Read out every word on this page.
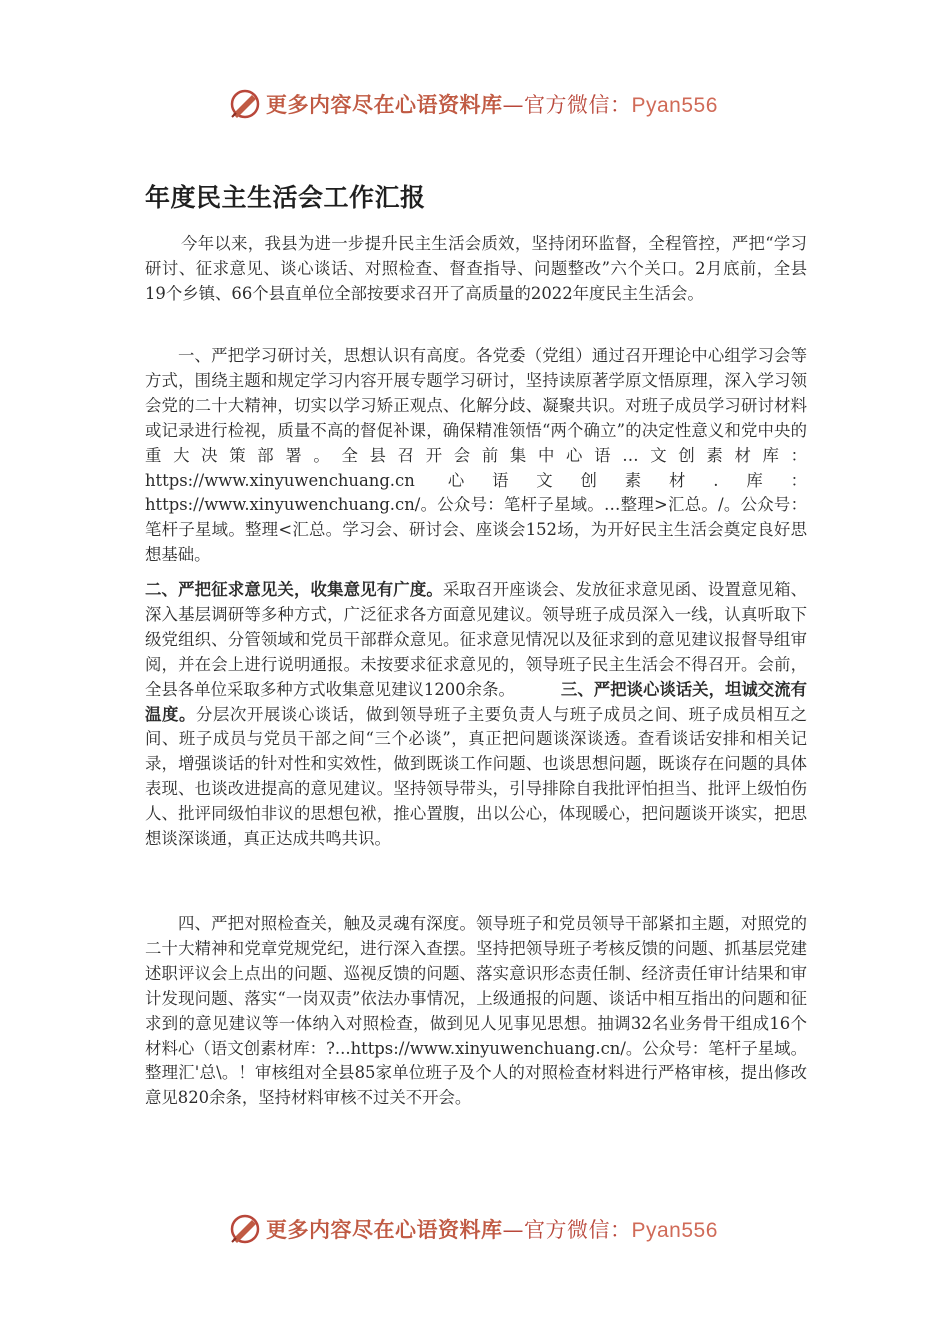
更多内容尽在心语资料库—官方微信：Pyan556
年度民主生活会工作汇报

今年以来，我县为进一步提升民主生活会质效，坚持闭环监督，全程管控，严把“学习研讨、征求意见、谈心谈话、对照检查、督查指导、问题整改”六个关口。2月底前，全县19个乡镇、66个县直单位全部按要求召开了高质量的2022年度民主生活会。

一、严把学习研讨关，思想认识有高度。各党委（党组）通过召开理论中心组学习会等方式，围绕主题和规定学习内容开展专题学习研讨，坚持读原著学原文悟原理，深入学习领会党的二十大精神，切实以学习矫正观点、化解分歧、凝聚共识。对班子成员学习研讨材料或记录进行检视，质量不高的督促补课，确保精准领悟“两个确立”的决定性意义和党中央的重大决策部署。全县召开会前集中心语…文创素材库：https://www.xinyuwenchuang.cn 心语文创素材.库：https://www.xinyuwenchuang.cn/。公众号：笔杆子星域。…整理>汇总。/。公众号：笔杆子星域。整理<汇总。学习会、研讨会、座谈会152场，为开好民主生活会奠定良好思想基础。

二、严把征求意见关，收集意见有广度。采取召开座谈会、发放征求意见函、设置意见箱、深入基层调研等多种方式，广泛征求各方面意见建议。领导班子成员深入一线，认真听取下级党组织、分管领域和党员干部群众意见。征求意见情况以及征求到的意见建议报督导组审阅，并在会上进行说明通报。未按要求征求意见的，领导班子民主生活会不得召开。会前，全县各单位采取多种方式收集意见建议1200余条。	三、严把谈心谈话关，坦诚交流有温度。分层次开展谈心谈话，做到领导班子主要负责人与班子成员之间、班子成员相互之间、班子成员与党员干部之间“三个必谈”，真正把问题谈深谈透。查看谈话安排和相关记录，增强谈话的针对性和实效性，做到既谈工作问题、也谈思想问题，既谈存在问题的具体表现、也谈改进提高的意见建议。坚持领导带头，引导排除自我批评怕担当、批评上级怕伤人、批评同级怕非议的思想包袱，推心置腹，出以公心，体现暖心，把问题谈开谈实，把思想谈深谈通，真正达成共鸣共识。

四、严把对照检查关，触及灵魂有深度。领导班子和党员领导干部紧扣主题，对照党的二十大精神和党章党规党纪，进行深入查摆。坚持把领导班子考核反馈的问题、抓基层党建述职评议会上点出的问题、巡视反馈的问题、落实意识形态责任制、经济责任审计结果和审计发现问题、落实“一岗双责”依法办事情况，上级通报的问题、谈话中相互指出的问题和征求到的意见建议等一体纳入对照检查，做到见人见事见思想。抽调32名业务骨干组成16个材料心（语文创素材库：?...https://www.xinyuwenchuang.cn/。公众号：笔杆子星域。整理汇'总\。！审核组对全县85家单位班子及个人的对照检查材料进行严格审核，提出修改意见820余条，坚持材料审核不过关不开会。

更多内容尽在心语资料库—官方微信：Pyan556
